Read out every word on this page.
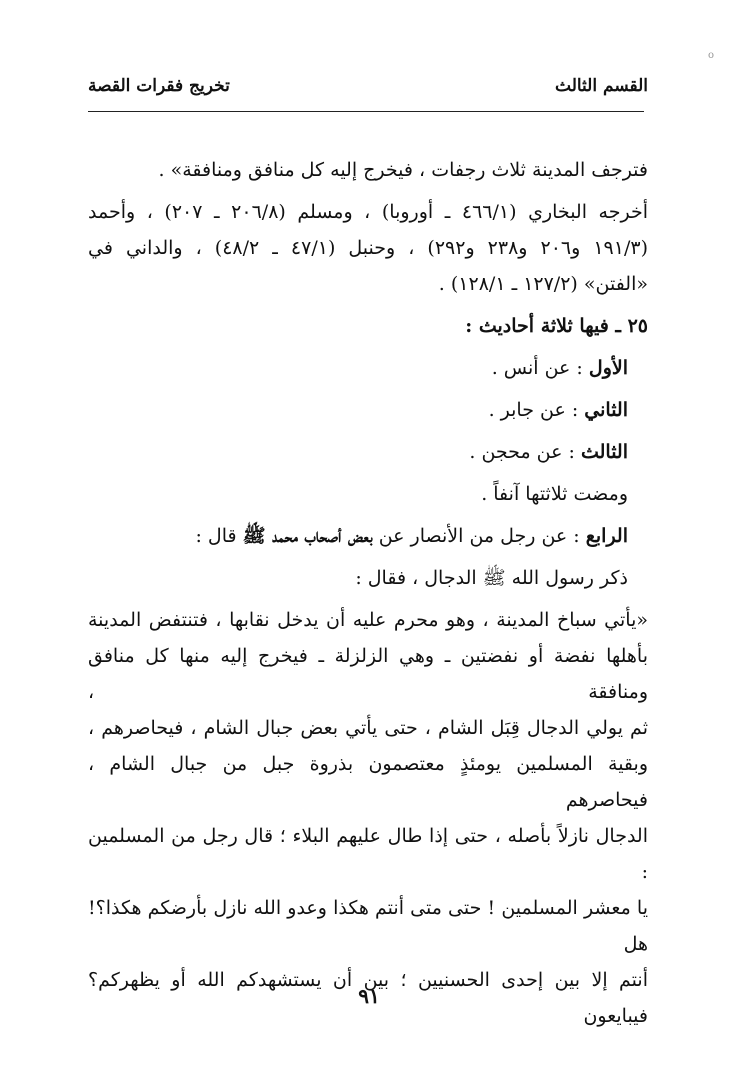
o
القسم الثالث
تخريج فقرات القصة
فترجف المدينة ثلاث رجفات ، فيخرج إليه كل منافق ومنافقة» .
أخرجه البخاري (٤٦٦/١ ـ أوروبا) ، ومسلم (٢٠٦/٨ ـ ٢٠٧) ، وأحمد
(١٩١/٣ و٢٠٦ و٢٣٨ و٢٩٢) ، وحنبل (٤٧/١ ـ ٤٨/٢) ، والداني في
«الفتن» (١٢٧/٢ ـ ١٢٨/١) .
٢٥ ـ فيها ثلاثة أحاديث :
الأول : عن أنس .
الثاني : عن جابر .
الثالث : عن محجن .
ومضت ثلاثتها آنفاً .
الرابع : عن رجل من الأنصار عن بعض أصحاب محمد ﷺ قال :
ذكر رسول الله ﷺ الدجال ، فقال :
«يأتي سباخ المدينة ، وهو محرم عليه أن يدخل نقابها ، فتنتفض المدينة
بأهلها نفضة أو نفضتين ـ وهي الزلزلة ـ فيخرج إليه منها كل منافق ومنافقة ،
ثم يولي الدجال قِبَل الشام ، حتى يأتي بعض جبال الشام ، فيحاصرهم ،
وبقية المسلمين يومئذٍ معتصمون بذروة جبل من جبال الشام ، فيحاصرهم
الدجال نازلاً بأصله ، حتى إذا طال عليهم البلاء ؛ قال رجل من المسلمين :
يا معشر المسلمين ! حتى متى أنتم هكذا وعدو الله نازل بأرضكم هكذا؟! هل
أنتم إلا بين إحدى الحسنيين ؛ بين أن يستشهدكم الله أو يظهركم؟ فيبايعون
٩١
